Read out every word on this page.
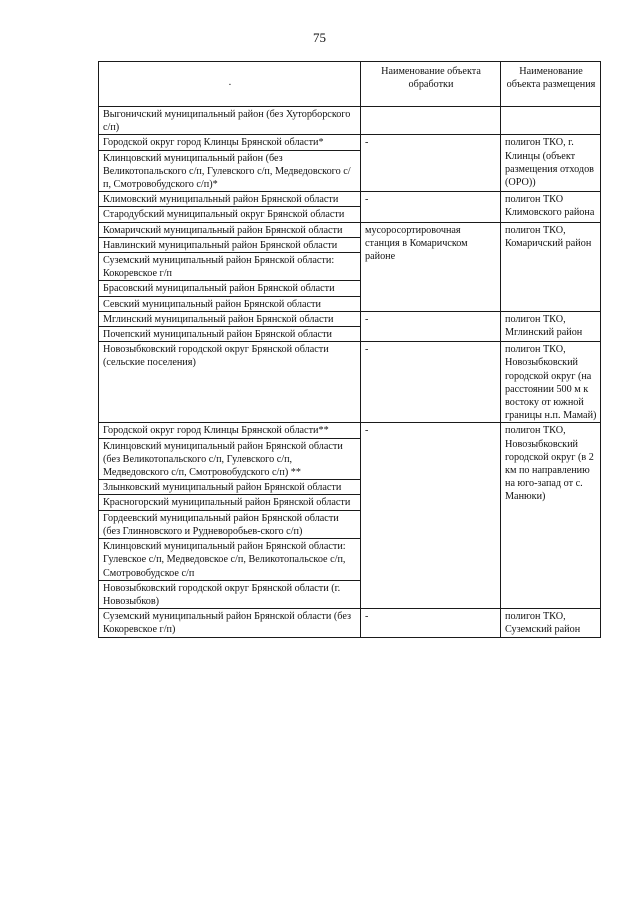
75
·	Наименование объекта обработки	Наименование объекта размещения

Выгоничский муниципальный район (без Хуторборского с/п)		
Городской округ город Клинцы Брянской области*	-	полигон ТКО, г. Клинцы (объект размещения отходов (ОРО))
Клинцовский муниципальный район (без Великотопальского с/п, Гулевского с/п, Медведовского с/п, Смотровобудского с/п)*		
Климовский муниципальный район Брянской области	-	полигон ТКО Климовского района
Стародубский муниципальный округ Брянской области		
Комаричский муниципальный район Брянской области	мусоросортировочная станция в Комаричском районе	полигон ТКО, Комаричский район
Навлинский муниципальный район Брянской области		
Суземский муниципальный район Брянской области: Кокоревское г/п		
Брасовский муниципальный район Брянской области		
Севский муниципальный район Брянской области		
Мглинский муниципальный район Брянской области	-	полигон ТКО, Мглинский район
Почепский муниципальный район Брянской области		
Новозыбковский городской округ Брянской области (сельские поселения)	-	полигон ТКО, Новозыбковский городской округ (на расстоянии 500 м к востоку от южной границы н.п. Мамай)
Городской округ город Клинцы Брянской области**	-	полигон ТКО, Новозыбковский городской округ (в 2 км по направлению на юго-запад от с. Манюки)
Клинцовский муниципальный район Брянской области (без Великотопальского с/п, Гулевского с/п, Медведовского с/п, Смотровобудского с/п) **		
Злынковский муниципальный район Брянской области		
Красногорский муниципальный район Брянской области		
Гордеевский муниципальный район Брянской области (без Глинновского и Рудневоробьев-ского с/п)		
Клинцовский муниципальный район Брянской области: Гулевское с/п, Медведовское с/п, Великотопальское с/п, Смотровобудское с/п		
Новозыбковский городской округ Брянской области (г. Новозыбков)		
Суземский муниципальный район Брянской области (без Кокоревское г/п)	-	полигон ТКО, Суземский район
